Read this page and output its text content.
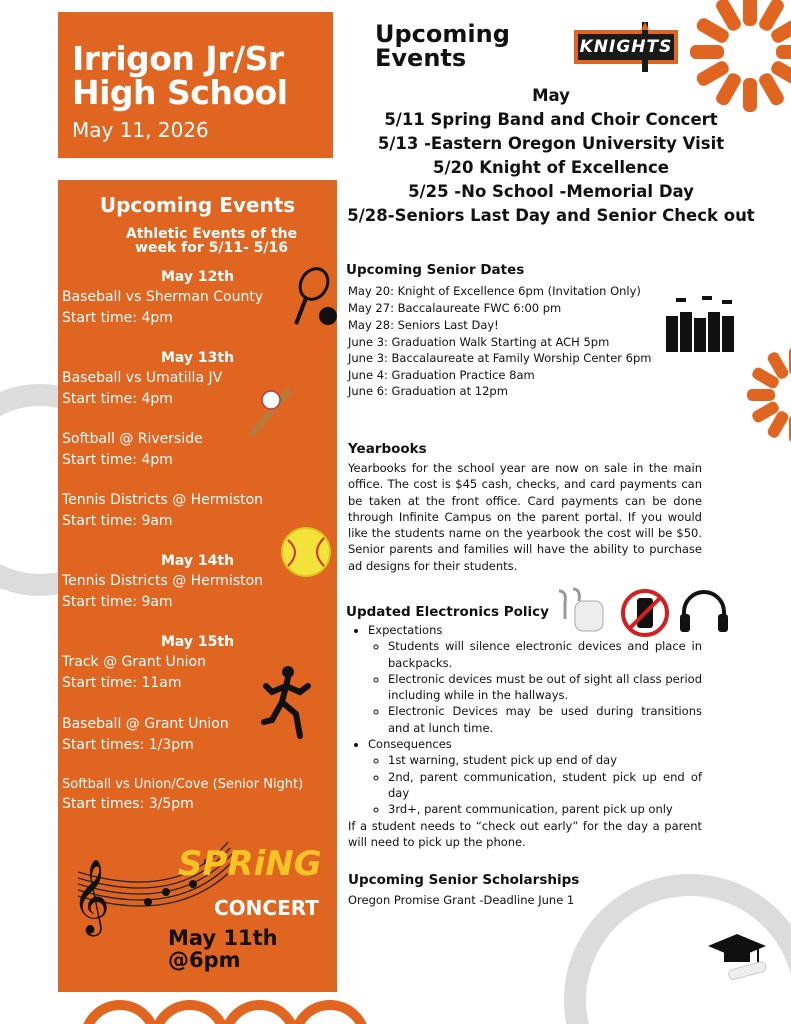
Irrigon Jr/Sr
High School
May 11, 2026
Upcoming
Events	KNIGHTS
May
5/11 Spring Band and Choir Concert
5/13 -Eastern Oregon University Visit
5/20 Knight of Excellence
5/25 -No School -Memorial Day
5/28-Seniors Last Day and Senior Check out
Upcoming Events
Athletic Events of the
week for 5/11- 5/16
May 12th
Baseball vs Sherman County
Start time: 4pm
May 13th
Baseball vs Umatilla JV
Start time: 4pm
Softball @ Riverside
Start time: 4pm
Tennis Districts @ Hermiston
Start time: 9am
May 14th
Tennis Districts @ Hermiston
Start time: 9am
May 15th
Track @ Grant Union
Start time: 11am
Baseball @ Grant Union
Start times: 1/3pm
Softball vs Union/Cove (Senior Night)
Start times: 3/5pm
𝄞 SPRiNG
CONCERT
May 11th
@6pm
Upcoming Senior Dates
May 20: Knight of Excellence 6pm (Invitation Only)
May 27: Baccalaureate FWC 6:00 pm
May 28: Seniors Last Day!
June 3: Graduation Walk Starting at ACH 5pm
June 3: Baccalaureate at Family Worship Center 6pm
June 4: Graduation Practice 8am
June 6: Graduation at 12pm
Yearbooks
Yearbooks for the school year are now on sale in the main office. The cost is $45 cash, checks, and card payments can be taken at the front office. Card payments can be done through Infinite Campus on the parent portal. If you would like the students name on the yearbook the cost will be $50. Senior parents and families will have the ability to purchase ad designs for their students.
Updated Electronics Policy
• Expectations
◦ Students will silence electronic devices and place in backpacks.
◦ Electronic devices must be out of sight all class period including while in the hallways.
◦ Electronic Devices may be used during transitions and at lunch time.
• Consequences
◦ 1st warning, student pick up end of day
◦ 2nd, parent communication, student pick up end of day
◦ 3rd+, parent communication, parent pick up only
If a student needs to “check out early” for the day a parent will need to pick up the phone.
Upcoming Senior Scholarships
Oregon Promise Grant -Deadline June 1
